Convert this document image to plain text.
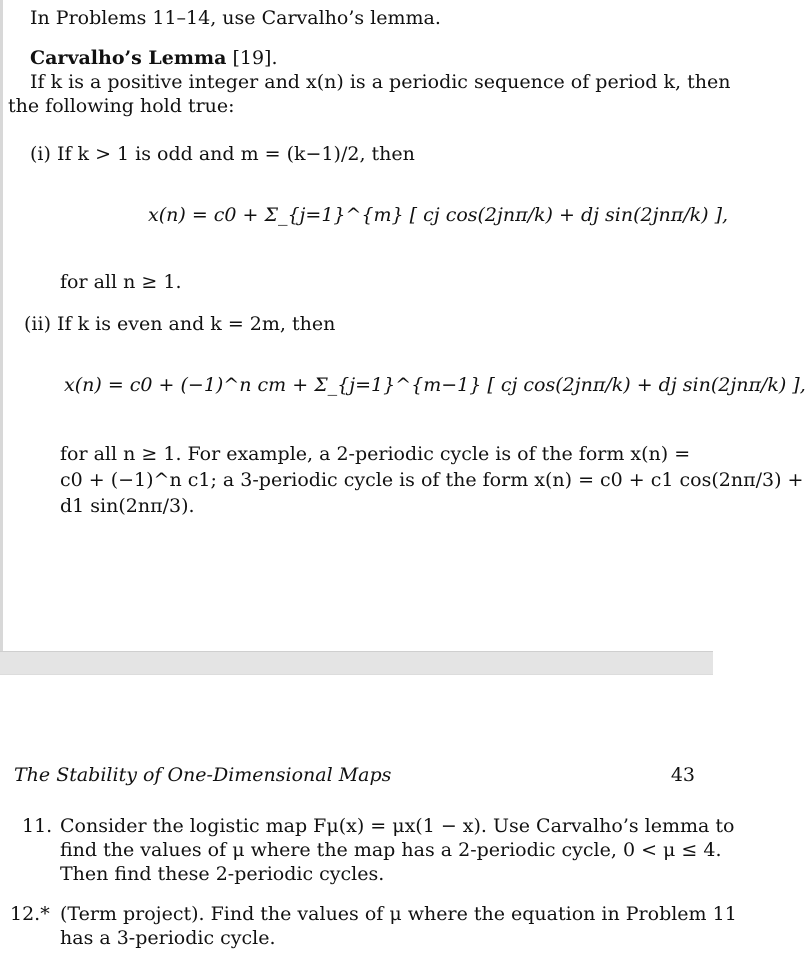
In Problems 11–14, use Carvalho’s lemma.
Carvalho’s Lemma [19].
If k is a positive integer and x(n) is a periodic sequence of period k, then
the following hold true:
(i) If k > 1 is odd and m = (k−1)/2, then
x(n) = c0 + Σ_{j=1}^{m} [ cj cos(2jnπ/k) + dj sin(2jnπ/k) ],
for all n ≥ 1.
(ii) If k is even and k = 2m, then
x(n) = c0 + (−1)^n cm + Σ_{j=1}^{m−1} [ cj cos(2jnπ/k) + dj sin(2jnπ/k) ],
for all n ≥ 1. For example, a 2-periodic cycle is of the form x(n) =
c0 + (−1)^n c1; a 3-periodic cycle is of the form x(n) = c0 + c1 cos(2nπ/3) +
d1 sin(2nπ/3).
The Stability of One-Dimensional Maps	43
11. Consider the logistic map Fμ(x) = μx(1 − x). Use Carvalho’s lemma to
find the values of μ where the map has a 2-periodic cycle, 0 < μ ≤ 4.
Then find these 2-periodic cycles.
12.* (Term project). Find the values of μ where the equation in Problem 11
has a 3-periodic cycle.
